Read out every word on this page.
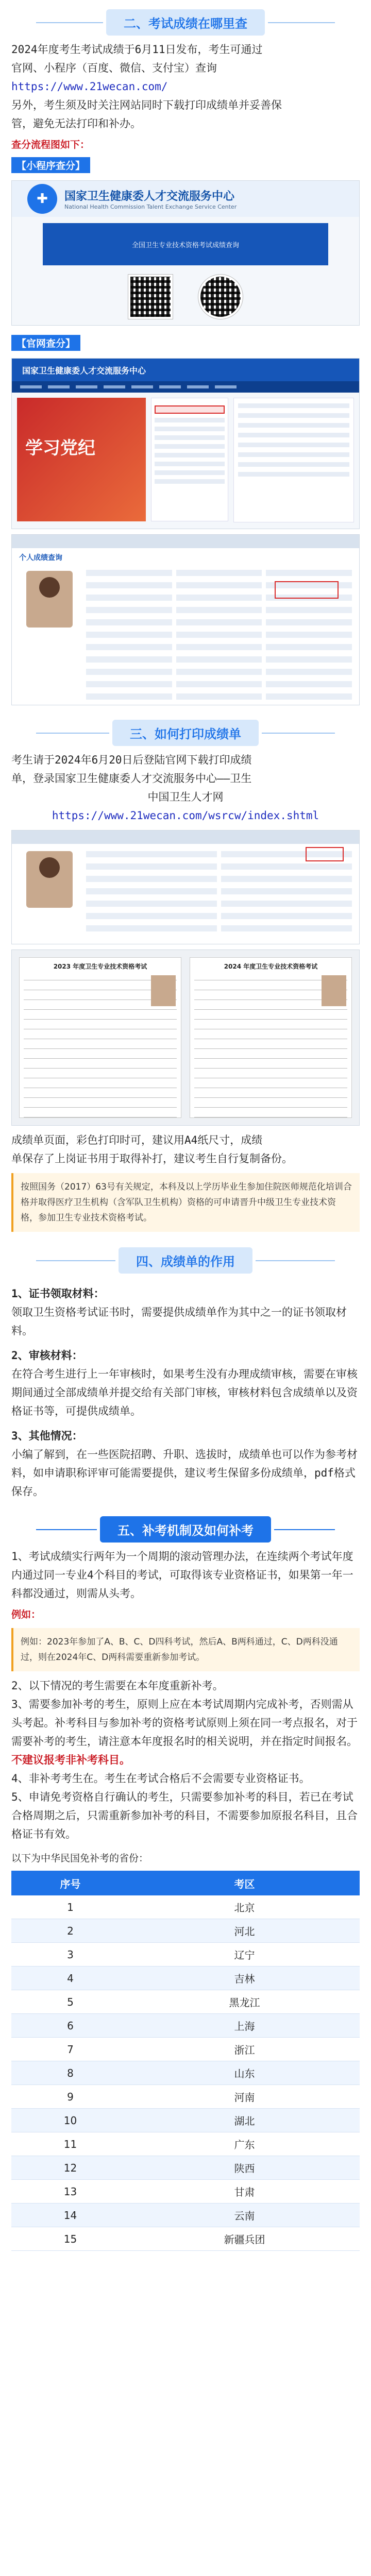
二、考试成绩在哪里查

2024年度考生考试成绩于6月11日发布，考生可通过

官网、小程序（百度、微信、支付宝）查询

https://www.21wecan.com/

另外，考生须及时关注网站同时下载打印成绩单并妥善保

管，避免无法打印和补办。

查分流程图如下：
【小程序查分】
✚	国家卫生健康委人才交流服务中心
National Health Commission Talent Exchange Service Center
全国卫生专业技术资格考试成绩查询
【官网查分】
国家卫生健康委人才交流服务中心
学习党纪
个人成绩查询
三、如何打印成绩单

考生请于2024年6月20日后登陆官网下载打印成绩

单，登录国家卫生健康委人才交流服务中心——卫生

中国卫生人才网

https://www.21wecan.com/wsrcw/index.shtml

2023 年度卫生专业技术资格考试	2024 年度卫生专业技术资格考试

成绩单页面，彩色打印时可，建议用A4纸尺寸，成绩

单保存了上岗证书用于取得补打，建议考生自行复制备份。

按照国务（2017）63号有关规定，本科及以上学历毕业生参加住院医师规范化培训合格并取得医疗卫生机构（含军队卫生机构）资格的可申请晋升中级卫生专业技术资格，参加卫生专业技术资格考试。
四、成绩单的作用
1、证书领取材料：

领取卫生资格考试证书时，需要提供成绩单作为其中之一的证书领取材料。

2、审核材料：

在符合考生进行上一年审核时，如果考生没有办理成绩审核，需要在审核期间通过全部成绩单并提交给有关部门审核，审核材料包含成绩单以及资格证书等，可提供成绩单。

3、其他情况：

小编了解到，在一些医院招聘、升职、选拔时，成绩单也可以作为参考材料，如申请职称评审可能需要提供，建议考生保留多份成绩单，pdf格式保存。

五、补考机制及如何补考

1、考试成绩实行两年为一个周期的滚动管理办法，在连续两个考试年度内通过同一专业4个科目的考试，可取得该专业资格证书，如果第一年一科都没通过，则需从头考。

例如：
例如：2023年参加了A、B、C、D四科考试，然后A、B两科通过，C、D两科没通过，则在2024年C、D两科需要重新参加考试。

2、以下情况的考生需要在本年度重新补考。

3、需要参加补考的考生，原则上应在本考试周期内完成补考，否则需从头考起。补考科目与参加补考的资格考试原则上须在同一考点报名，对于需要补考的考生，请注意本年度报名时的相关说明，并在指定时间报名。

不建议报考非补考科目。

4、非补考考生在。考生在考试合格后不会需要专业资格证书。

5、申请免考资格自行确认的考生，只需要参加补考的科目，若已在考试合格周期之后，只需重新参加补考的科目，不需要参加原报名科目，且合格证书有效。

以下为中华民国免补考的省份：
序号	考区
1	北京
2	河北
3	辽宁
4	吉林
5	黑龙江
6	上海
7	浙江
8	山东
9	河南
10	湖北
11	广东
12	陕西
13	甘肃
14	云南
15	新疆兵团
